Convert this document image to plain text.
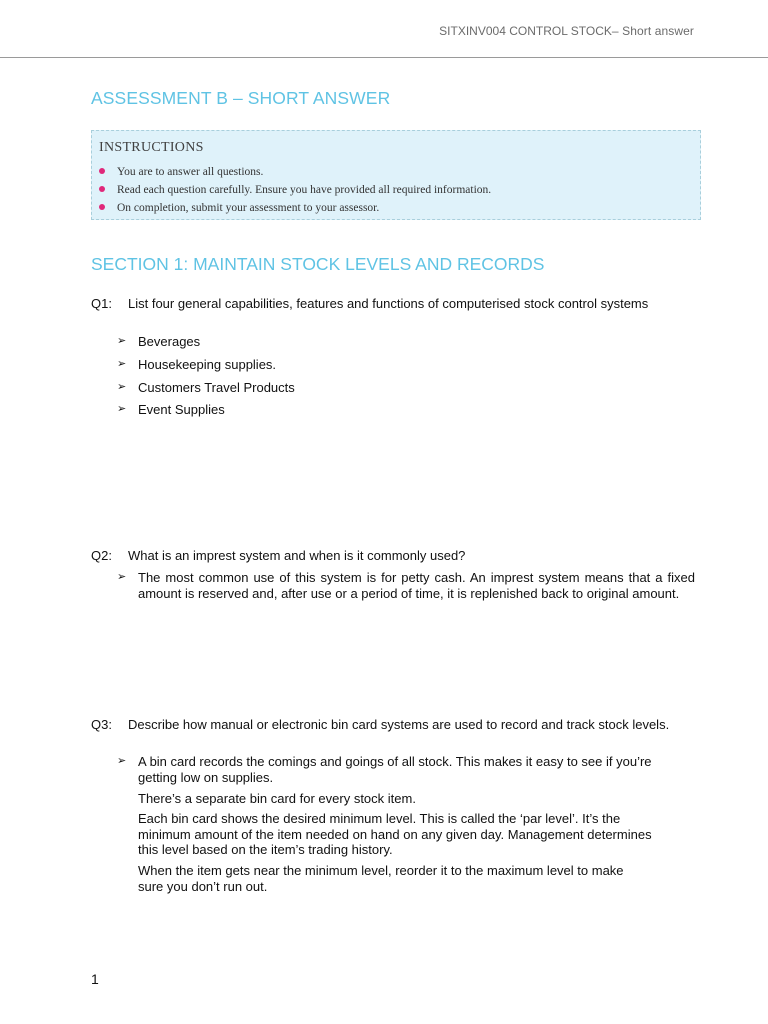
SITXINV004 CONTROL STOCK– Short answer
ASSESSMENT B – SHORT ANSWER
INSTRUCTIONS
You are to answer all questions.
Read each question carefully. Ensure you have provided all required information.
On completion, submit your assessment to your assessor.
SECTION 1: MAINTAIN STOCK LEVELS AND RECORDS
Q1: List four general capabilities, features and functions of computerised stock control systems
➢ Beverages
➢ Housekeeping supplies.
➢ Customers Travel Products
➢ Event Supplies
Q2: What is an imprest system and when is it commonly used?
➢ The most common use of this system is for petty cash. An imprest system means that a fixed amount is reserved and, after use or a period of time, it is replenished back to original amount.
Q3: Describe how manual or electronic bin card systems are used to record and track stock levels.
➢ A bin card records the comings and goings of all stock. This makes it easy to see if you’re getting low on supplies.
There’s a separate bin card for every stock item.
Each bin card shows the desired minimum level. This is called the ‘par level’. It’s the minimum amount of the item needed on hand on any given day. Management determines this level based on the item’s trading history.
When the item gets near the minimum level, reorder it to the maximum level to make sure you don’t run out.
1
